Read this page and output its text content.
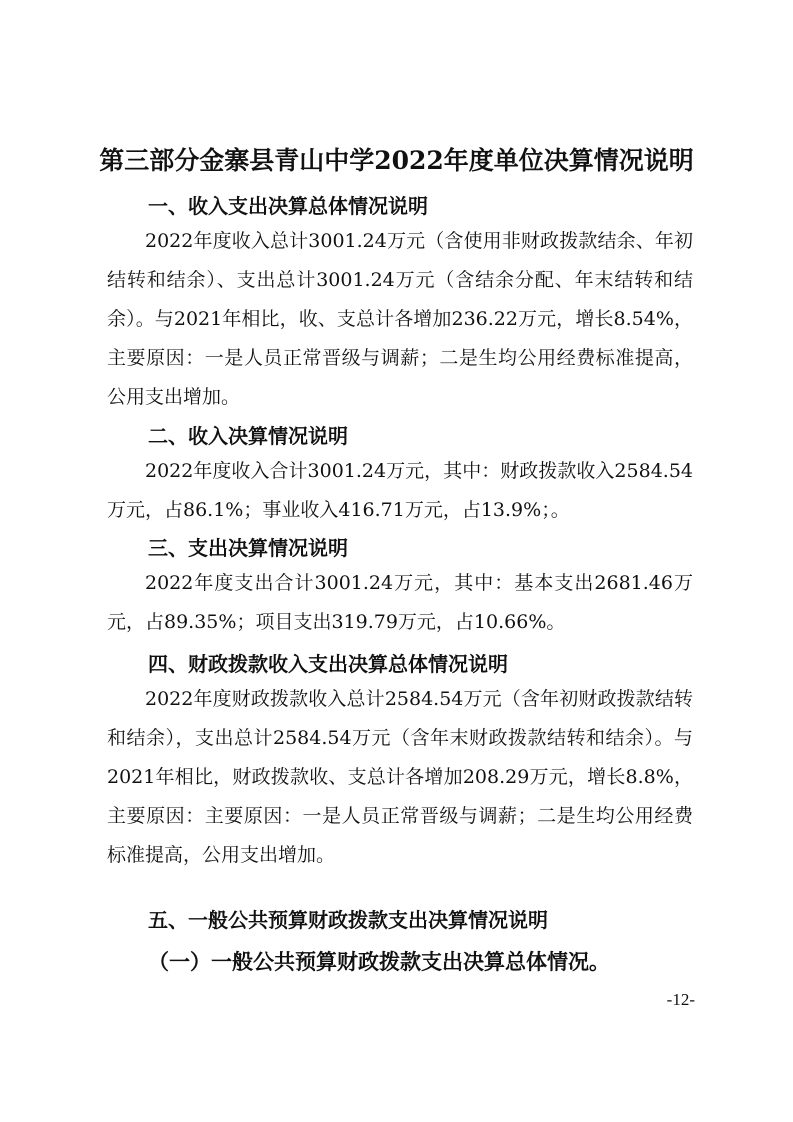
第三部分金寨县青山中学2022年度单位决算情况说明
一、收入支出决算总体情况说明
2022年度收入总计3001.24万元（含使用非财政拨款结余、年初结转和结余）、支出总计3001.24万元（含结余分配、年末结转和结余）。与2021年相比，收、支总计各增加236.22万元，增长8.54%，主要原因：一是人员正常晋级与调薪；二是生均公用经费标准提高，公用支出增加。
二、收入决算情况说明
2022年度收入合计3001.24万元，其中：财政拨款收入2584.54万元，占86.1%；事业收入416.71万元，占13.9%；。
三、支出决算情况说明
2022年度支出合计3001.24万元，其中：基本支出2681.46万元，占89.35%；项目支出319.79万元，占10.66%。
四、财政拨款收入支出决算总体情况说明
2022年度财政拨款收入总计2584.54万元（含年初财政拨款结转和结余），支出总计2584.54万元（含年末财政拨款结转和结余）。与2021年相比，财政拨款收、支总计各增加208.29万元，增长8.8%，主要原因：主要原因：一是人员正常晋级与调薪；二是生均公用经费标准提高，公用支出增加。
五、一般公共预算财政拨款支出决算情况说明
（一）一般公共预算财政拨款支出决算总体情况。
-12-
